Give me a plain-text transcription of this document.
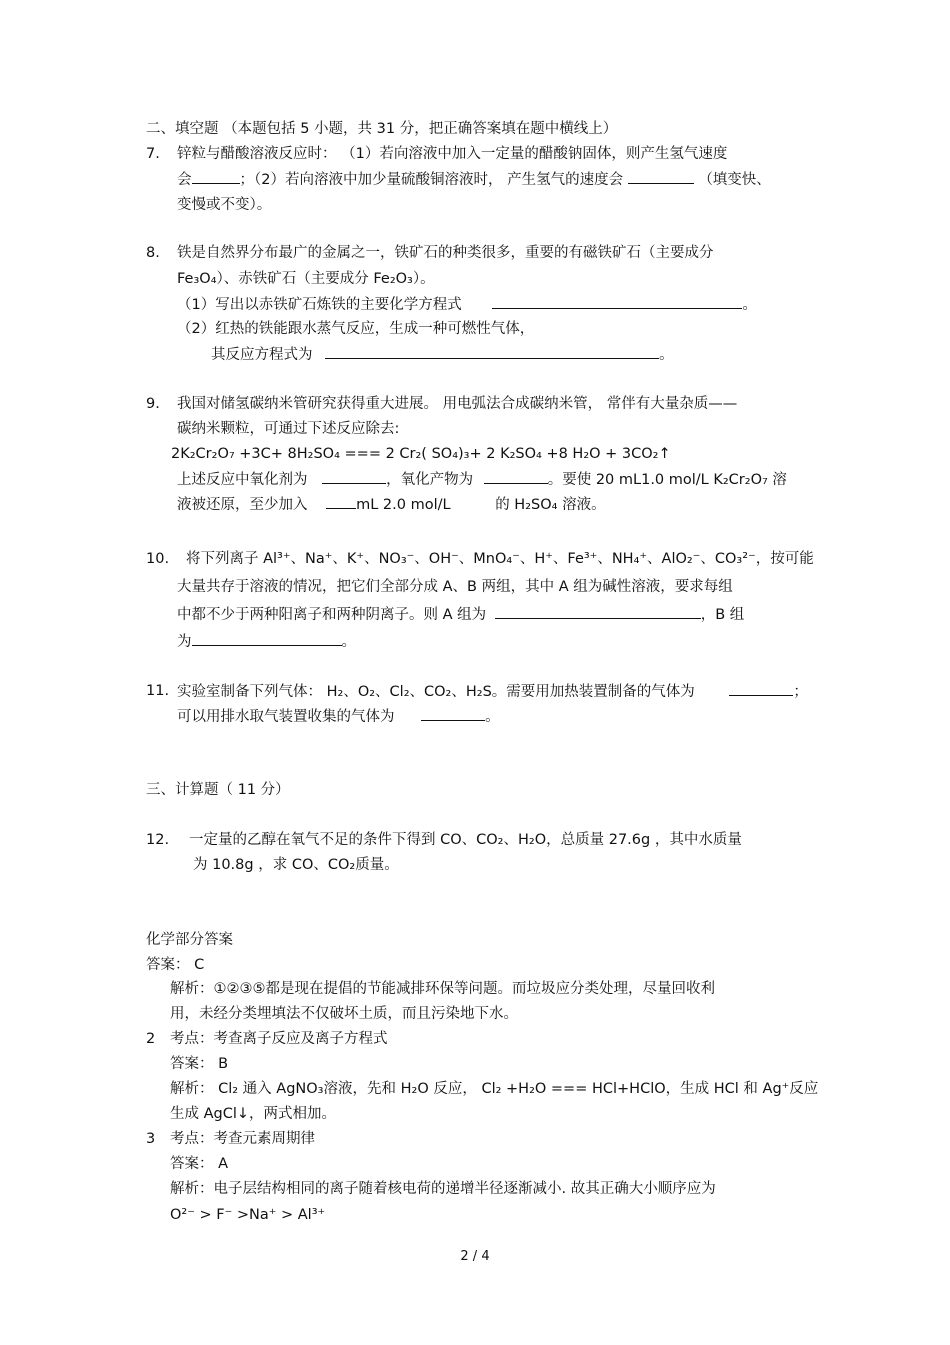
二、填空题 （本题包括 5 小题，共 31 分，把正确答案填在题中横线上）
7. 锌粒与醋酸溶液反应时： （1）若向溶液中加入一定量的醋酸钠固体，则产生氢气速度
会	；（2）若向溶液中加少量硫酸铜溶液时， 产生氢气的速度会	（填变快、
变慢或不变）。
8. 铁是自然界分布最广的金属之一，铁矿石的种类很多，重要的有磁铁矿石（主要成分
Fe₃O₄）、赤铁矿石（主要成分 Fe₂O₃）。
（1）写出以赤铁矿石炼铁的主要化学方程式	。
（2）红热的铁能跟水蒸气反应，生成一种可燃性气体，
其反应方程式为	。
9. 我国对储氢碳纳米管研究获得重大进展。 用电弧法合成碳纳米管， 常伴有大量杂质——
碳纳米颗粒，可通过下述反应除去:
2K₂Cr₂O₇ +3C+ 8H₂SO₄ === 2 Cr₂( SO₄)₃+ 2 K₂SO₄ +8 H₂O + 3CO₂↑
上述反应中氧化剂为	，氧化产物为	。要使 20 mL1.0 mol/L K₂Cr₂O₇ 溶
液被还原，至少加入	mL 2.0 mol/L	的 H₂SO₄ 溶液。
10. 将下列离子 Al³⁺、Na⁺、K⁺、NO₃⁻、OH⁻、MnO₄⁻、H⁺、Fe³⁺、NH₄⁺、AlO₂⁻、CO₃²⁻，按可能
大量共存于溶液的情况，把它们全部分成 A、B 两组，其中 A 组为碱性溶液，要求每组
中都不少于两种阳离子和两种阴离子。则 A 组为	，B 组
为	。
11. 实验室制备下列气体： H₂、O₂、Cl₂、CO₂、H₂S。需要用加热装置制备的气体为	；
可以用排水取气装置收集的气体为	。
三、计算题（ 11 分）
12. 一定量的乙醇在氧气不足的条件下得到 CO、CO₂、H₂O，总质量 27.6g ，其中水质量
为 10.8g ，求 CO、CO₂质量。
化学部分答案
答案： C
解析：①②③⑤都是现在提倡的节能减排环保等问题。而垃圾应分类处理，尽量回收利
用，未经分类埋填法不仅破坏土质，而且污染地下水。
2 考点：考查离子反应及离子方程式
答案： B
解析： Cl₂ 通入 AgNO₃溶液，先和 H₂O 反应， Cl₂ +H₂O === HCl+HClO，生成 HCl 和 Ag⁺反应
生成 AgCl↓，两式相加。
3 考点：考查元素周期律
答案： A
解析：电子层结构相同的离子随着核电荷的递增半径逐渐减小. 故其正确大小顺序应为
O²⁻ > F⁻ >Na⁺ > Al³⁺
2 / 4
